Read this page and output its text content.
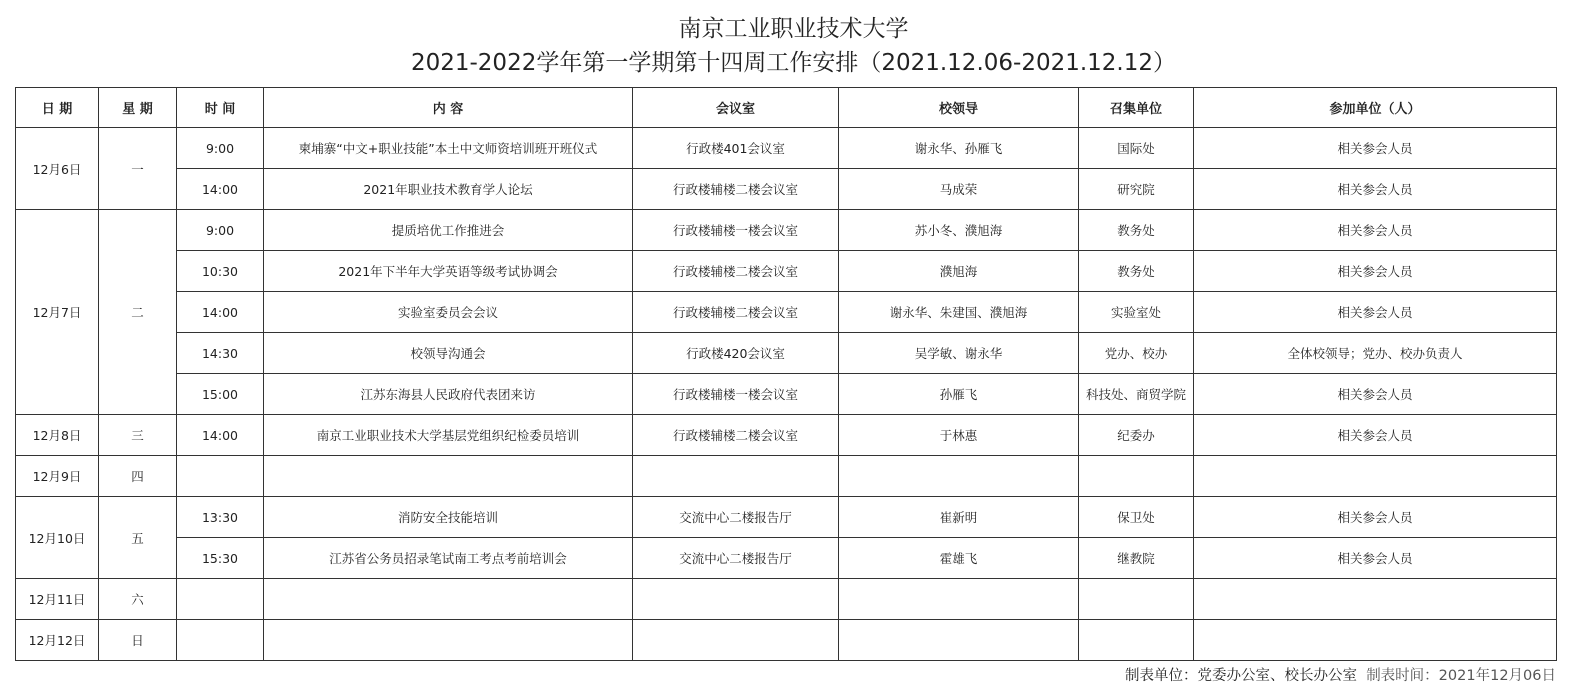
南京工业职业技术大学
2021-2022学年第一学期第十四周工作安排（2021.12.06-2021.12.12）
日 期	星 期	时 间	内 容	会议室	校领导	召集单位	参加单位（人）
12月6日	一	9:00	柬埔寨“中文+职业技能”本土中文师资培训班开班仪式	行政楼401会议室	谢永华、孙雁飞	国际处	相关参会人员
		14:00	2021年职业技术教育学人论坛	行政楼辅楼二楼会议室	马成荣	研究院	相关参会人员
12月7日	二	9:00	提质培优工作推进会	行政楼辅楼一楼会议室	苏小冬、濮旭海	教务处	相关参会人员
		10:30	2021年下半年大学英语等级考试协调会	行政楼辅楼二楼会议室	濮旭海	教务处	相关参会人员
		14:00	实验室委员会会议	行政楼辅楼二楼会议室	谢永华、朱建国、濮旭海	实验室处	相关参会人员
		14:30	校领导沟通会	行政楼420会议室	吴学敏、谢永华	党办、校办	全体校领导；党办、校办负责人
		15:00	江苏东海县人民政府代表团来访	行政楼辅楼一楼会议室	孙雁飞	科技处、商贸学院	相关参会人员
12月8日	三	14:00	南京工业职业技术大学基层党组织纪检委员培训	行政楼辅楼二楼会议室	于林惠	纪委办	相关参会人员
12月9日	四						
12月10日	五	13:30	消防安全技能培训	交流中心二楼报告厅	崔新明	保卫处	相关参会人员
		15:30	江苏省公务员招录笔试南工考点考前培训会	交流中心二楼报告厅	霍雄飞	继教院	相关参会人员
12月11日	六						
12月12日	日						
制表单位：党委办公室、校长办公室 制表时间：2021年12月06日
